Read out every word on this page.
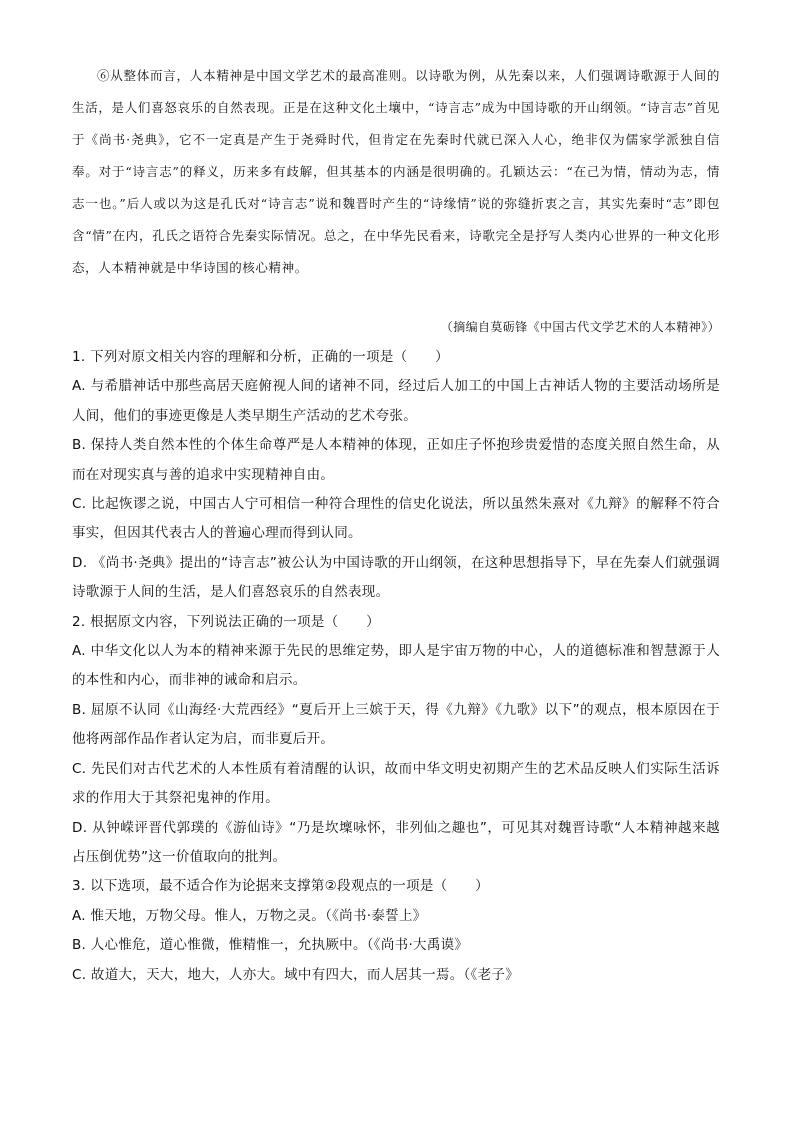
⑥从整体而言，人本精神是中国文学艺术的最高准则。以诗歌为例，从先秦以来，人们强调诗歌源于人间的生活，是人们喜怒哀乐的自然表现。正是在这种文化土壤中，“诗言志”成为中国诗歌的开山纲领。“诗言志”首见于《尚书·尧典》，它不一定真是产生于尧舜时代，但肯定在先秦时代就已深入人心，绝非仅为儒家学派独自信奉。对于“诗言志”的释义，历来多有歧解，但其基本的内涵是很明确的。孔颖达云：“在己为情，情动为志，情志一也。”后人或以为这是孔氏对“诗言志”说和魏晋时产生的“诗缘情”说的弥缝折衷之言，其实先秦时“志”即包含“情”在内，孔氏之语符合先秦实际情况。总之，在中华先民看来，诗歌完全是抒写人类内心世界的一种文化形态，人本精神就是中华诗国的核心精神。

（摘编自莫砺锋《中国古代文学艺术的人本精神》）

1. 下列对原文相关内容的理解和分析，正确的一项是（　　）

A. 与希腊神话中那些高居天庭俯视人间的诸神不同，经过后人加工的中国上古神话人物的主要活动场所是人间，他们的事迹更像是人类早期生产活动的艺术夸张。

B. 保持人类自然本性的个体生命尊严是人本精神的体现，正如庄子怀抱珍贵爱惜的态度关照自然生命，从而在对现实真与善的追求中实现精神自由。

C. 比起恢谬之说，中国古人宁可相信一种符合理性的信史化说法，所以虽然朱熹对《九辩》的解释不符合事实，但因其代表古人的普遍心理而得到认同。

D. 《尚书·尧典》提出的“诗言志”被公认为中国诗歌的开山纲领，在这种思想指导下，早在先秦人们就强调诗歌源于人间的生活，是人们喜怒哀乐的自然表现。

2. 根据原文内容，下列说法正确的一项是（　　）

A. 中华文化以人为本的精神来源于先民的思维定势，即人是宇宙万物的中心，人的道德标准和智慧源于人的本性和内心，而非神的诫命和启示。

B. 屈原不认同《山海经·大荒西经》“夏后开上三嫔于天，得《九辩》《九歌》以下”的观点，根本原因在于他将两部作品作者认定为启，而非夏后开。

C. 先民们对古代艺术的人本性质有着清醒的认识，故而中华文明史初期产生的艺术品反映人们实际生活诉求的作用大于其祭祀鬼神的作用。

D. 从钟嵘评晋代郭璞的《游仙诗》“乃是坎壈咏怀，非列仙之趣也”，可见其对魏晋诗歌“人本精神越来越占压倒优势”这一价值取向的批判。

3. 以下选项，最不适合作为论据来支撑第②段观点的一项是（　　）

A. 惟天地，万物父母。惟人，万物之灵。（《尚书·泰誓上》

B. 人心惟危，道心惟微，惟精惟一，允执厥中。（《尚书·大禹谟》

C. 故道大，天大，地大，人亦大。域中有四大，而人居其一焉。（《老子》
